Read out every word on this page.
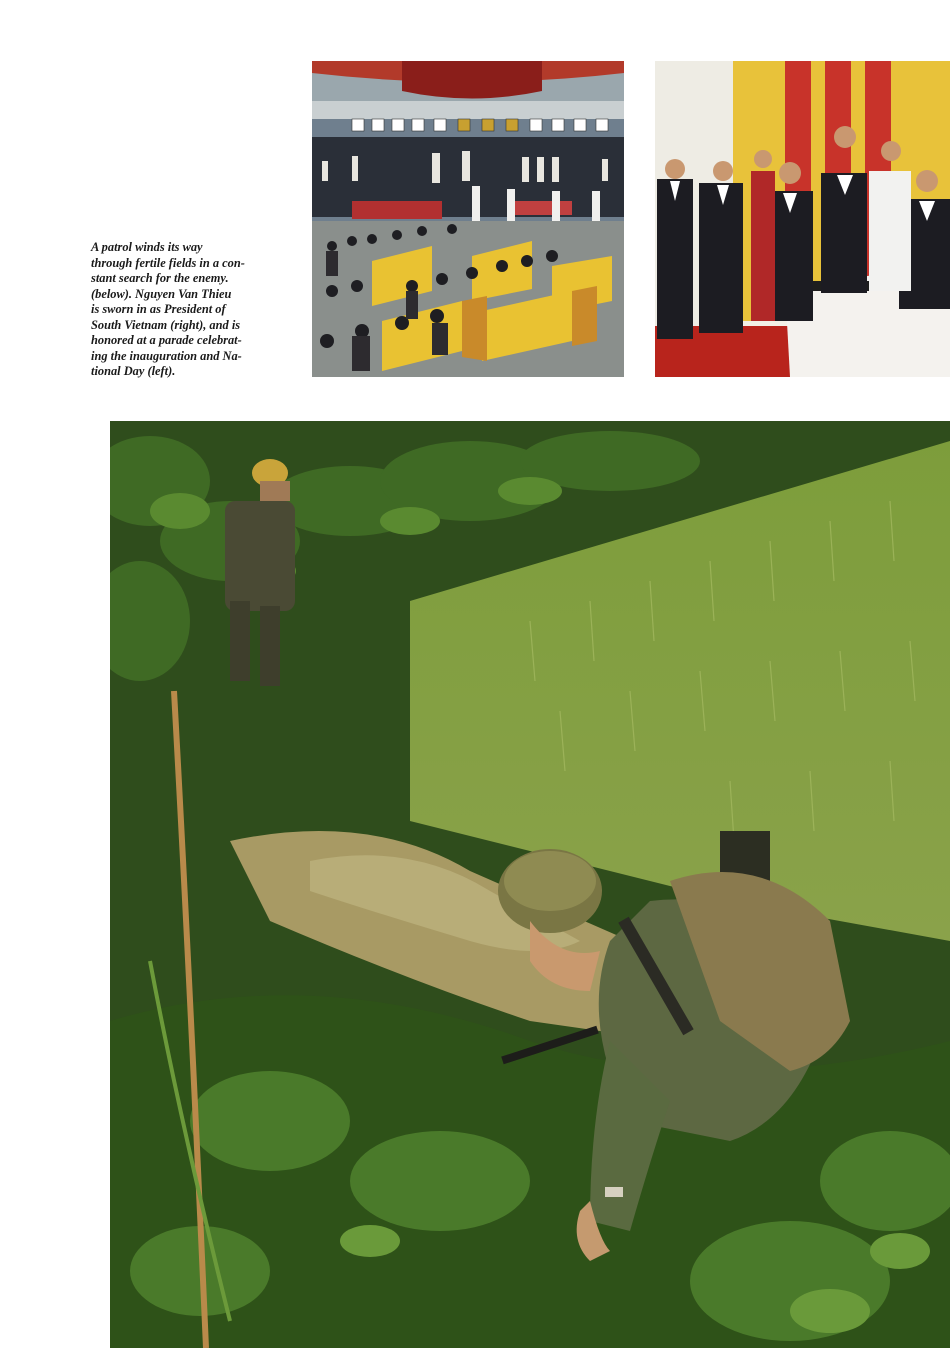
A patrol winds its way
through fertile fields in a con-
stant search for the enemy.
(below). Nguyen Van Thieu
is sworn in as President of
South Vietnam (right), and is
honored at a parade celebrat-
ing the inauguration and Na-
tional Day (left).
